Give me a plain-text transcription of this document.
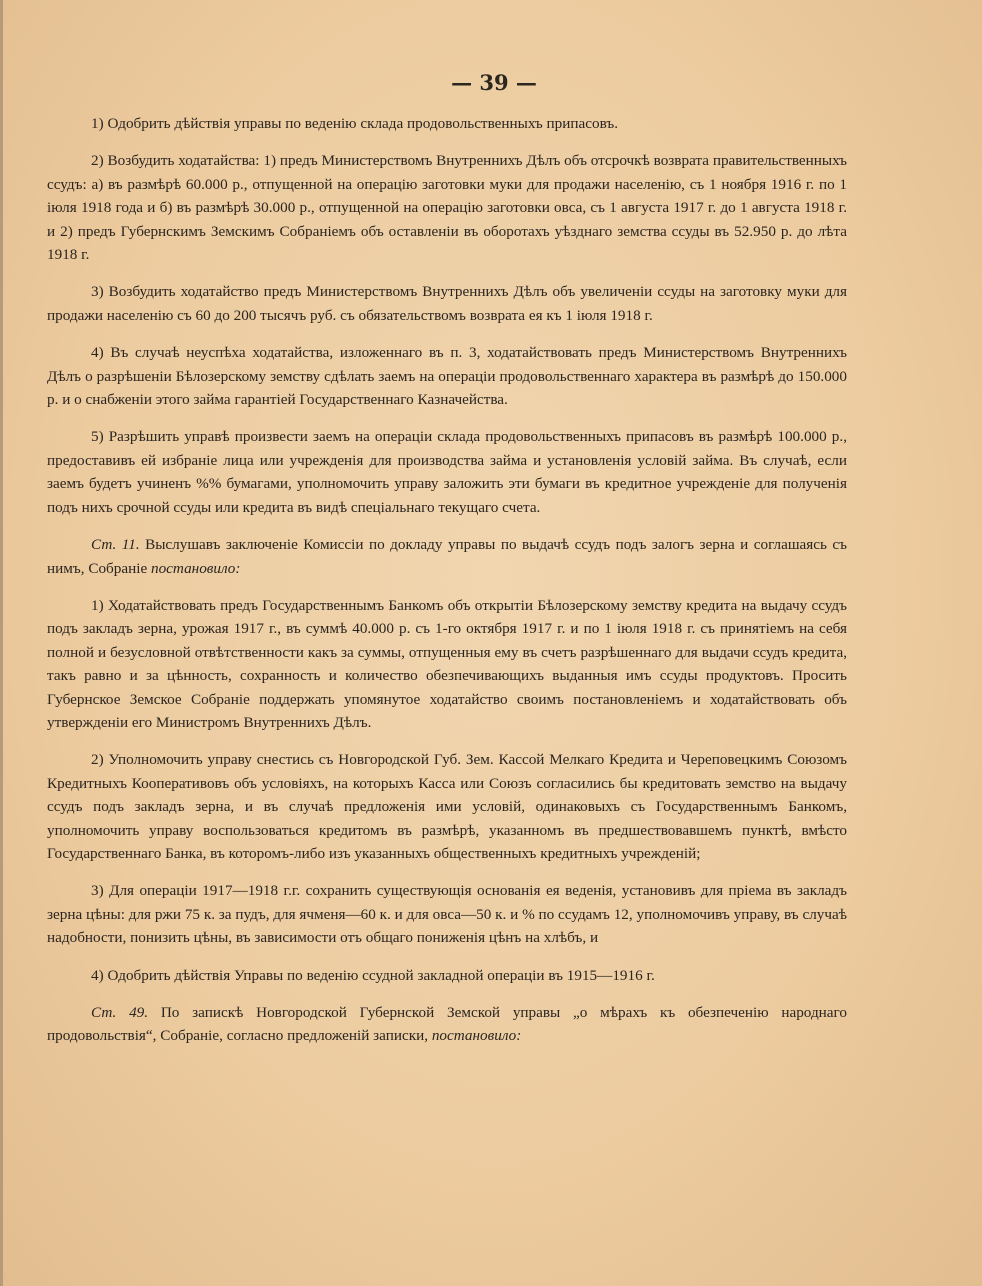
— 39 —

1) Одобрить дѣйствія управы по веденію склада продовольственныхъ припасовъ.

2) Возбудить ходатайства: 1) предъ Министерствомъ Внутреннихъ Дѣлъ объ отсрочкѣ возврата правительственныхъ ссудъ: а) въ размѣрѣ 60.000 р., отпущенной на операцію заготовки муки для продажи населенію, съ 1 ноября 1916 г. по 1 іюля 1918 года и б) въ размѣрѣ 30.000 р., отпущенной на операцію заготовки овса, съ 1 августа 1917 г. до 1 августа 1918 г. и 2) предъ Губернскимъ Земскимъ Собраніемъ объ оставленіи въ оборотахъ уѣзднаго земства ссуды въ 52.950 р. до лѣта 1918 г.

3) Возбудить ходатайство предъ Министерствомъ Внутреннихъ Дѣлъ объ увеличеніи ссуды на заготовку муки для продажи населенію съ 60 до 200 тысячъ руб. съ обязательствомъ возврата ея къ 1 іюля 1918 г.

4) Въ случаѣ неуспѣха ходатайства, изложеннаго въ п. 3, ходатайствовать предъ Министерствомъ Внутреннихъ Дѣлъ о разрѣшеніи Бѣлозерскому земству сдѣлать заемъ на операціи продовольственнаго характера въ размѣрѣ до 150.000 р. и о снабженіи этого займа гарантіей Государственнаго Казначейства.

5) Разрѣшить управѣ произвести заемъ на операціи склада продовольственныхъ припасовъ въ размѣрѣ 100.000 р., предоставивъ ей избраніе лица или учрежденія для производства займа и установленія условій займа. Въ случаѣ, если заемъ будетъ учиненъ %% бумагами, уполномочить управу заложить эти бумаги въ кредитное учрежденіе для полученія подъ нихъ срочной ссуды или кредита въ видѣ спеціальнаго текущаго счета.

Ст. 11. Выслушавъ заключеніе Комиссіи по докладу управы по выдачѣ ссудъ подъ залогъ зерна и соглашаясь съ нимъ, Собраніе постановило:

1) Ходатайствовать предъ Государственнымъ Банкомъ объ открытіи Бѣлозерскому земству кредита на выдачу ссудъ подъ закладъ зерна, урожая 1917 г., въ суммѣ 40.000 р. съ 1-го октября 1917 г. и по 1 іюля 1918 г. съ принятіемъ на себя полной и безусловной отвѣтственности какъ за суммы, отпущенныя ему въ счетъ разрѣшеннаго для выдачи ссудъ кредита, такъ равно и за цѣнность, сохранность и количество обезпечивающихъ выданныя имъ ссуды продуктовъ. Просить Губернское Земское Собраніе поддержать упомянутое ходатайство своимъ постановленіемъ и ходатайствовать объ утвержденіи его Министромъ Внутреннихъ Дѣлъ.

2) Уполномочить управу снестись съ Новгородской Губ. Зем. Кассой Мелкаго Кредита и Череповецкимъ Союзомъ Кредитныхъ Кооперативовъ объ условіяхъ, на которыхъ Касса или Союзъ согласились бы кредитовать земство на выдачу ссудъ подъ закладъ зерна, и въ случаѣ предложенія ими условій, одинаковыхъ съ Государственнымъ Банкомъ, уполномочить управу воспользоваться кредитомъ въ размѣрѣ, указанномъ въ предшествовавшемъ пунктѣ, вмѣсто Государственнаго Банка, въ которомъ-либо изъ указанныхъ общественныхъ кредитныхъ учрежденій;

3) Для операціи 1917—1918 г.г. сохранить существующія основанія ея веденія, установивъ для пріема въ закладъ зерна цѣны: для ржи 75 к. за пудъ, для ячменя—60 к. и для овса—50 к. и % по ссудамъ 12, уполномочивъ управу, въ случаѣ надобности, понизить цѣны, въ зависимости отъ общаго пониженія цѣнъ на хлѣбъ, и

4) Одобрить дѣйствія Управы по веденію ссудной закладной операціи въ 1915—1916 г.

Ст. 49. По запискѣ Новгородской Губернской Земской управы „о мѣрахъ къ обезпеченію народнаго продовольствія“, Собраніе, согласно предложеній записки, постановило:
